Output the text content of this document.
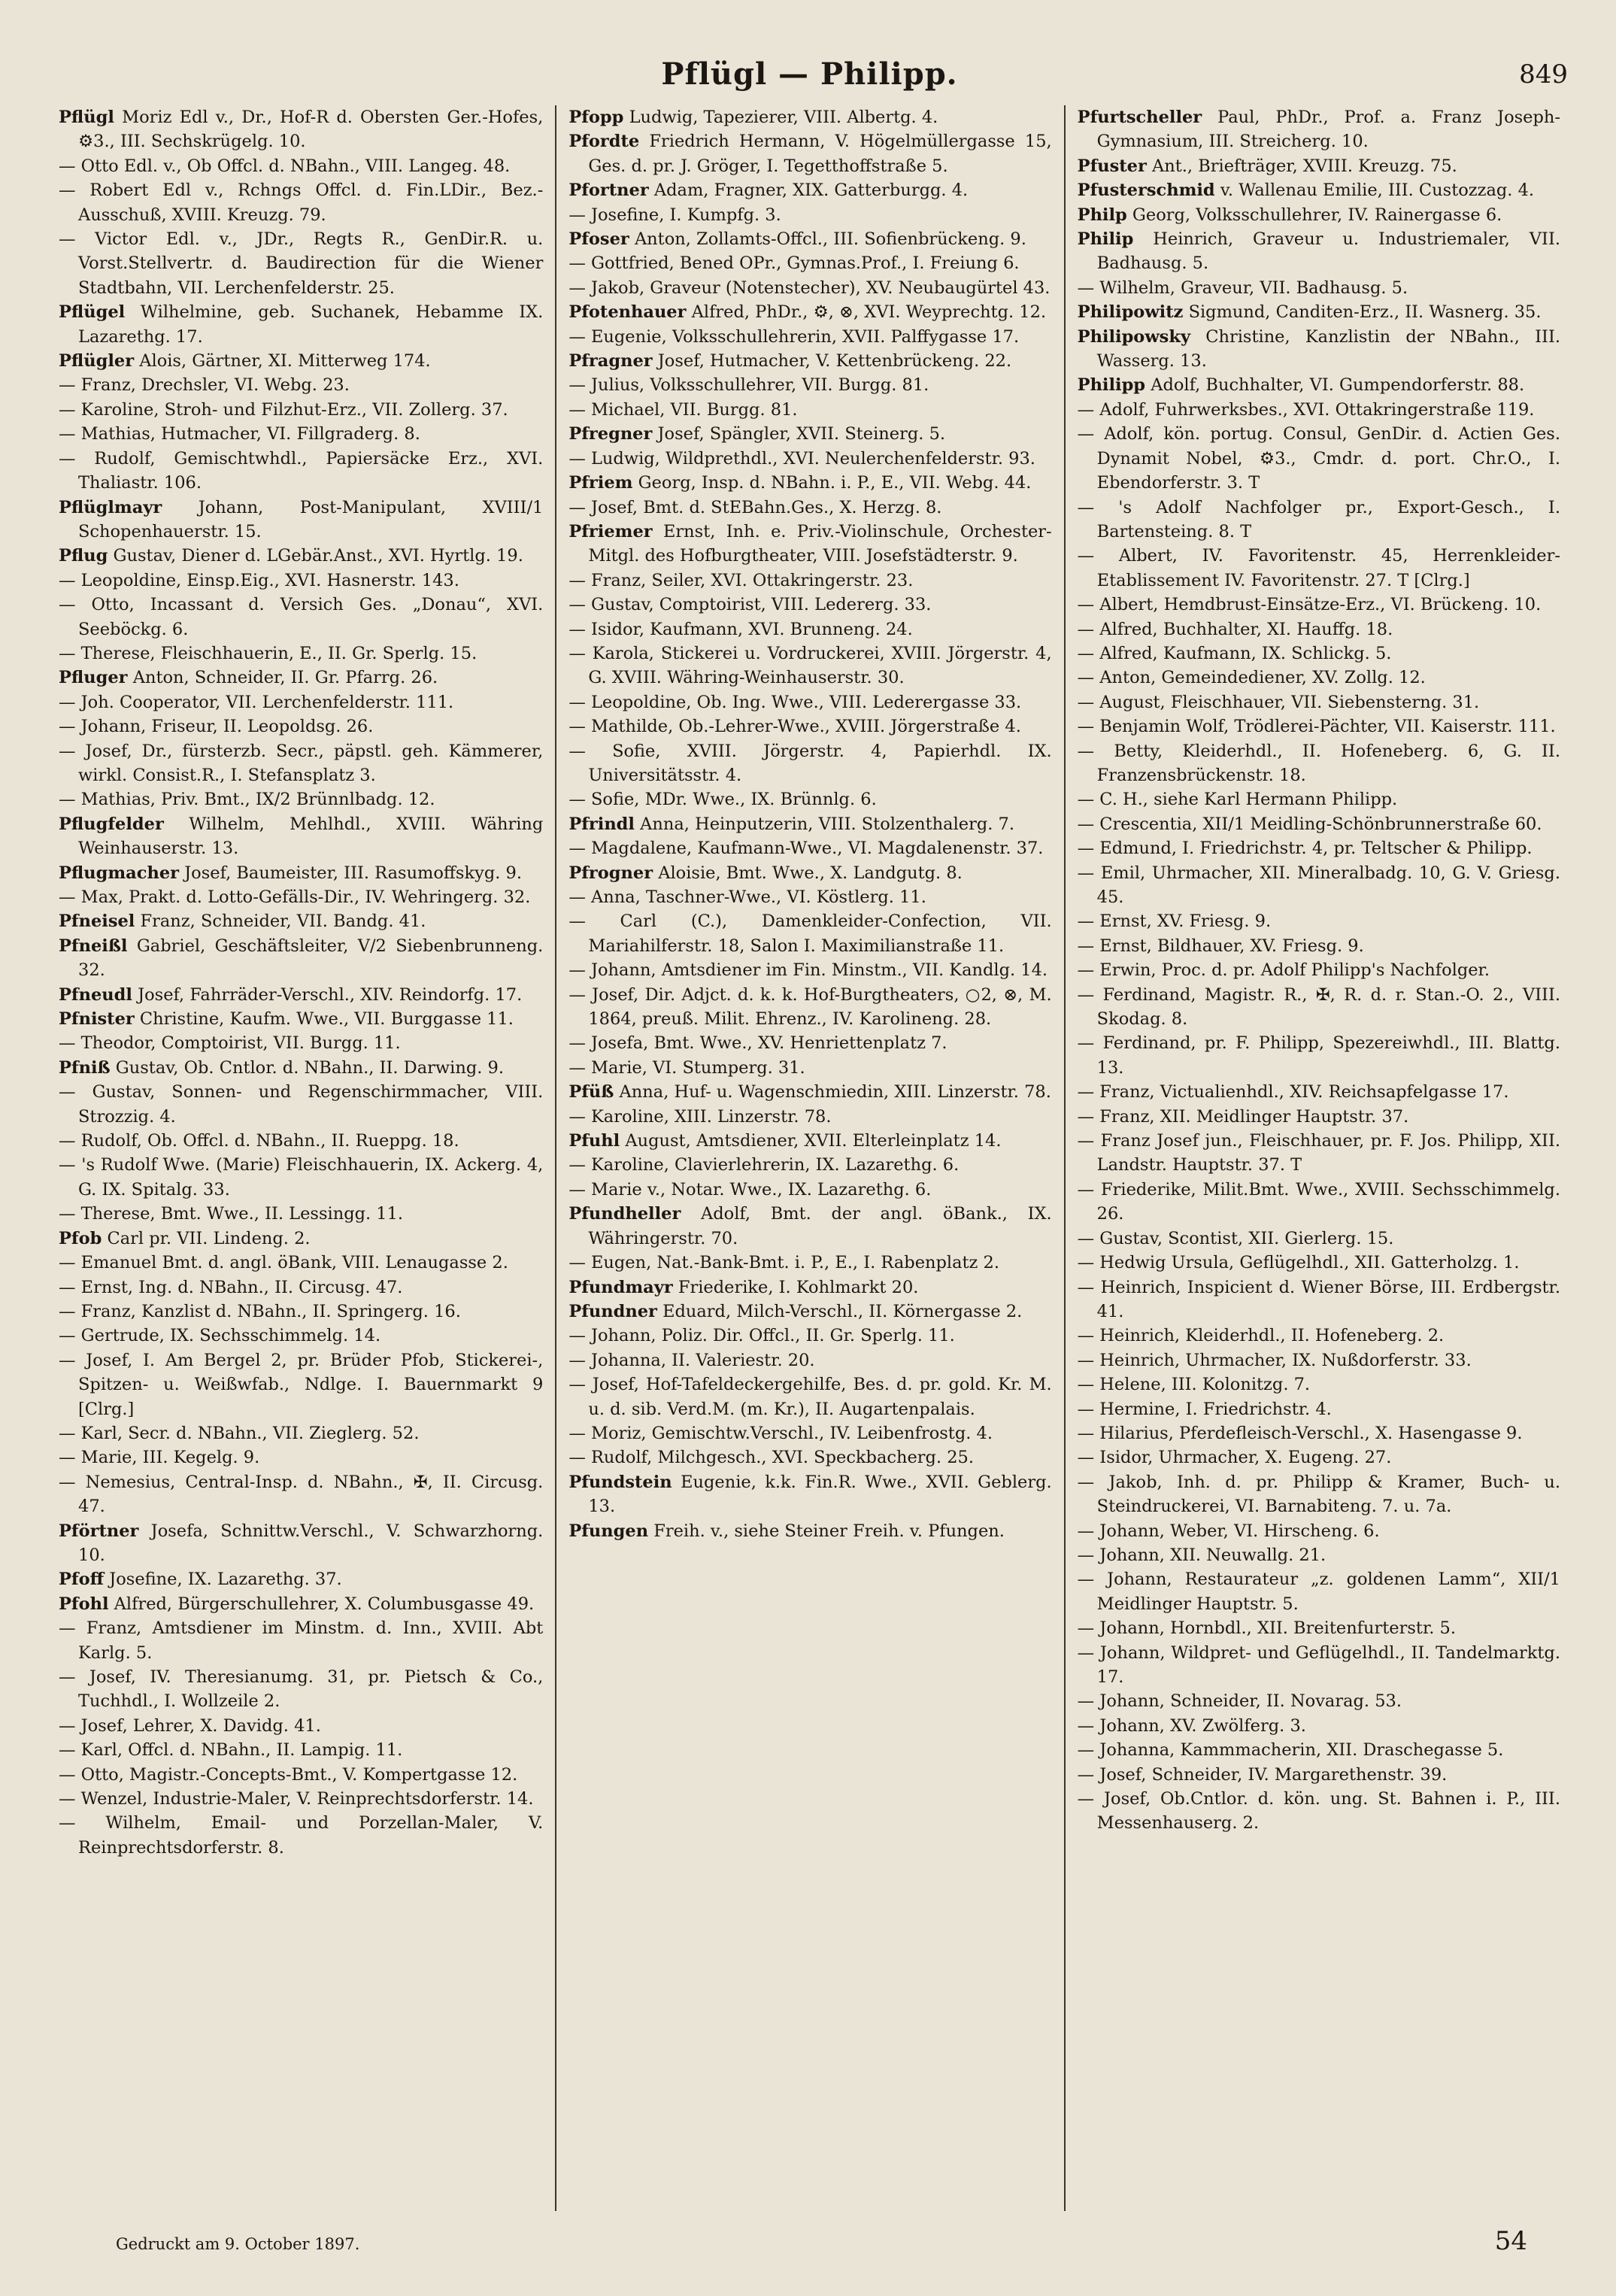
Pflügl — Philipp.	849

Pflügl Moriz Edl v., Dr., Hof-R d. Obersten Ger.-Hofes, ⚙3., III. Sechskrügelg. 10.

— Otto Edl. v., Ob Offcl. d. NBahn., VIII. Langeg. 48.

— Robert Edl v., Rchngs Offcl. d. Fin.LDir., Bez.-Ausschuß, XVIII. Kreuzg. 79.

— Victor Edl. v., JDr., Regts R., GenDir.R. u. Vorst.Stellvertr. d. Baudirection für die Wiener Stadtbahn, VII. Lerchenfelderstr. 25.

Pflügel Wilhelmine, geb. Suchanek, Hebamme IX. Lazarethg. 17.

Pflügler Alois, Gärtner, XI. Mitterweg 174.

— Franz, Drechsler, VI. Webg. 23.

— Karoline, Stroh- und Filzhut-Erz., VII. Zollerg. 37.

— Mathias, Hutmacher, VI. Fillgraderg. 8.

— Rudolf, Gemischtwhdl., Papiersäcke Erz., XVI. Thaliastr. 106.

Pflüglmayr Johann, Post-Manipulant, XVIII/1 Schopenhauerstr. 15.

Pflug Gustav, Diener d. LGebär.Anst., XVI. Hyrtlg. 19.

— Leopoldine, Einsp.Eig., XVI. Hasnerstr. 143.

— Otto, Incassant d. Versich Ges. „Donau“, XVI. Seeböckg. 6.

— Therese, Fleischhauerin, E., II. Gr. Sperlg. 15.

Pfluger Anton, Schneider, II. Gr. Pfarrg. 26.

— Joh. Cooperator, VII. Lerchenfelderstr. 111.

— Johann, Friseur, II. Leopoldsg. 26.

— Josef, Dr., fürsterzb. Secr., päpstl. geh. Kämmerer, wirkl. Consist.R., I. Stefansplatz 3.

— Mathias, Priv. Bmt., IX/2 Brünnlbadg. 12.

Pflugfelder Wilhelm, Mehlhdl., XVIII. Währing Weinhauserstr. 13.

Pflugmacher Josef, Baumeister, III. Rasumoffskyg. 9.

— Max, Prakt. d. Lotto-Gefälls-Dir., IV. Wehringerg. 32.

Pfneisel Franz, Schneider, VII. Bandg. 41.

Pfneißl Gabriel, Geschäftsleiter, V/2 Siebenbrunneng. 32.

Pfneudl Josef, Fahrräder-Verschl., XIV. Reindorfg. 17.

Pfnister Christine, Kaufm. Wwe., VII. Burggasse 11.

— Theodor, Comptoirist, VII. Burgg. 11.

Pfniß Gustav, Ob. Cntlor. d. NBahn., II. Darwing. 9.

— Gustav, Sonnen- und Regenschirmmacher, VIII. Strozzig. 4.

— Rudolf, Ob. Offcl. d. NBahn., II. Rueppg. 18.

— 's Rudolf Wwe. (Marie) Fleischhauerin, IX. Ackerg. 4, G. IX. Spitalg. 33.

— Therese, Bmt. Wwe., II. Lessingg. 11.

Pfob Carl pr. VII. Lindeng. 2.

— Emanuel Bmt. d. angl. öBank, VIII. Lenaugasse 2.

— Ernst, Ing. d. NBahn., II. Circusg. 47.

— Franz, Kanzlist d. NBahn., II. Springerg. 16.

— Gertrude, IX. Sechsschimmelg. 14.

— Josef, I. Am Bergel 2, pr. Brüder Pfob, Stickerei-, Spitzen- u. Weißwfab., Ndlge. I. Bauernmarkt 9 [Clrg.]

— Karl, Secr. d. NBahn., VII. Zieglerg. 52.

— Marie, III. Kegelg. 9.

— Nemesius, Central-Insp. d. NBahn., ✠, II. Circusg. 47.

Pförtner Josefa, Schnittw.Verschl., V. Schwarzhorng. 10.

Pfoff Josefine, IX. Lazarethg. 37.

Pfohl Alfred, Bürgerschullehrer, X. Columbusgasse 49.

— Franz, Amtsdiener im Minstm. d. Inn., XVIII. Abt Karlg. 5.

— Josef, IV. Theresianumg. 31, pr. Pietsch & Co., Tuchhdl., I. Wollzeile 2.

— Josef, Lehrer, X. Davidg. 41.

— Karl, Offcl. d. NBahn., II. Lampig. 11.

— Otto, Magistr.-Concepts-Bmt., V. Kompertgasse 12.

— Wenzel, Industrie-Maler, V. Reinprechtsdorferstr. 14.

— Wilhelm, Email- und Porzellan-Maler, V. Reinprechtsdorferstr. 8.

Pfopp Ludwig, Tapezierer, VIII. Albertg. 4.

Pfordte Friedrich Hermann, V. Högelmüllergasse 15, Ges. d. pr. J. Gröger, I. Tegetthoffstraße 5.

Pfortner Adam, Fragner, XIX. Gatterburgg. 4.

— Josefine, I. Kumpfg. 3.

Pfoser Anton, Zollamts-Offcl., III. Sofienbrückeng. 9.

— Gottfried, Bened OPr., Gymnas.Prof., I. Freiung 6.

— Jakob, Graveur (Notenstecher), XV. Neubaugürtel 43.

Pfotenhauer Alfred, PhDr., ⚙, ⊗, XVI. Weyprechtg. 12.

— Eugenie, Volksschullehrerin, XVII. Palffygasse 17.

Pfragner Josef, Hutmacher, V. Kettenbrückeng. 22.

— Julius, Volksschullehrer, VII. Burgg. 81.

— Michael, VII. Burgg. 81.

Pfregner Josef, Spängler, XVII. Steinerg. 5.

— Ludwig, Wildprethdl., XVI. Neulerchenfelderstr. 93.

Pfriem Georg, Insp. d. NBahn. i. P., E., VII. Webg. 44.

— Josef, Bmt. d. StEBahn.Ges., X. Herzg. 8.

Pfriemer Ernst, Inh. e. Priv.-Violinschule, Orchester-Mitgl. des Hofburgtheater, VIII. Josefstädterstr. 9.

— Franz, Seiler, XVI. Ottakringerstr. 23.

— Gustav, Comptoirist, VIII. Ledererg. 33.

— Isidor, Kaufmann, XVI. Brunneng. 24.

— Karola, Stickerei u. Vordruckerei, XVIII. Jörgerstr. 4, G. XVIII. Währing-Weinhauserstr. 30.

— Leopoldine, Ob. Ing. Wwe., VIII. Lederergasse 33.

— Mathilde, Ob.-Lehrer-Wwe., XVIII. Jörgerstraße 4.

— Sofie, XVIII. Jörgerstr. 4, Papierhdl. IX. Universitätsstr. 4.

— Sofie, MDr. Wwe., IX. Brünnlg. 6.

Pfrindl Anna, Heinputzerin, VIII. Stolzenthalerg. 7.

— Magdalene, Kaufmann-Wwe., VI. Magdalenenstr. 37.

Pfrogner Aloisie, Bmt. Wwe., X. Landgutg. 8.

— Anna, Taschner-Wwe., VI. Köstlerg. 11.

— Carl (C.), Damenkleider-Confection, VII. Mariahilferstr. 18, Salon I. Maximilianstraße 11.

— Johann, Amtsdiener im Fin. Minstm., VII. Kandlg. 14.

— Josef, Dir. Adjct. d. k. k. Hof-Burgtheaters, ○2, ⊗, M. 1864, preuß. Milit. Ehrenz., IV. Karolineng. 28.

— Josefa, Bmt. Wwe., XV. Henriettenplatz 7.

— Marie, VI. Stumperg. 31.

Pfüß Anna, Huf- u. Wagenschmiedin, XIII. Linzerstr. 78.

— Karoline, XIII. Linzerstr. 78.

Pfuhl August, Amtsdiener, XVII. Elterleinplatz 14.

— Karoline, Clavierlehrerin, IX. Lazarethg. 6.

— Marie v., Notar. Wwe., IX. Lazarethg. 6.

Pfundheller Adolf, Bmt. der angl. öBank., IX. Währingerstr. 70.

— Eugen, Nat.-Bank-Bmt. i. P., E., I. Rabenplatz 2.

Pfundmayr Friederike, I. Kohlmarkt 20.

Pfundner Eduard, Milch-Verschl., II. Körnergasse 2.

— Johann, Poliz. Dir. Offcl., II. Gr. Sperlg. 11.

— Johanna, II. Valeriestr. 20.

— Josef, Hof-Tafeldeckergehilfe, Bes. d. pr. gold. Kr. M. u. d. sib. Verd.M. (m. Kr.), II. Augartenpalais.

— Moriz, Gemischtw.Verschl., IV. Leibenfrostg. 4.

— Rudolf, Milchgesch., XVI. Speckbacherg. 25.

Pfundstein Eugenie, k.k. Fin.R. Wwe., XVII. Geblerg. 13.

Pfungen Freih. v., siehe Steiner Freih. v. Pfungen.

Pfurtscheller Paul, PhDr., Prof. a. Franz Joseph-Gymnasium, III. Streicherg. 10.

Pfuster Ant., Briefträger, XVIII. Kreuzg. 75.

Pfusterschmid v. Wallenau Emilie, III. Custozzag. 4.

Philp Georg, Volksschullehrer, IV. Rainergasse 6.

Philip Heinrich, Graveur u. Industriemaler, VII. Badhausg. 5.

— Wilhelm, Graveur, VII. Badhausg. 5.

Philipowitz Sigmund, Canditen-Erz., II. Wasnerg. 35.

Philipowsky Christine, Kanzlistin der NBahn., III. Wasserg. 13.

Philipp Adolf, Buchhalter, VI. Gumpendorferstr. 88.

— Adolf, Fuhrwerksbes., XVI. Ottakringerstraße 119.

— Adolf, kön. portug. Consul, GenDir. d. Actien Ges. Dynamit Nobel, ⚙3., Cmdr. d. port. Chr.O., I. Ebendorferstr. 3. T

— 's Adolf Nachfolger pr., Export-Gesch., I. Bartensteing. 8. T

— Albert, IV. Favoritenstr. 45, Herrenkleider-Etablissement IV. Favoritenstr. 27. T [Clrg.]

— Albert, Hemdbrust-Einsätze-Erz., VI. Brückeng. 10.

— Alfred, Buchhalter, XI. Hauffg. 18.

— Alfred, Kaufmann, IX. Schlickg. 5.

— Anton, Gemeindediener, XV. Zollg. 12.

— August, Fleischhauer, VII. Siebensterng. 31.

— Benjamin Wolf, Trödlerei-Pächter, VII. Kaiserstr. 111.

— Betty, Kleiderhdl., II. Hofeneberg. 6, G. II. Franzensbrückenstr. 18.

— C. H., siehe Karl Hermann Philipp.

— Crescentia, XII/1 Meidling-Schönbrunnerstraße 60.

— Edmund, I. Friedrichstr. 4, pr. Teltscher & Philipp.

— Emil, Uhrmacher, XII. Mineralbadg. 10, G. V. Griesg. 45.

— Ernst, XV. Friesg. 9.

— Ernst, Bildhauer, XV. Friesg. 9.

— Erwin, Proc. d. pr. Adolf Philipp's Nachfolger.

— Ferdinand, Magistr. R., ✠, R. d. r. Stan.-O. 2., VIII. Skodag. 8.

— Ferdinand, pr. F. Philipp, Spezereiwhdl., III. Blattg. 13.

— Franz, Victualienhdl., XIV. Reichsapfelgasse 17.

— Franz, XII. Meidlinger Hauptstr. 37.

— Franz Josef jun., Fleischhauer, pr. F. Jos. Philipp, XII. Landstr. Hauptstr. 37. T

— Friederike, Milit.Bmt. Wwe., XVIII. Sechsschimmelg. 26.

— Gustav, Scontist, XII. Gierlerg. 15.

— Hedwig Ursula, Geflügelhdl., XII. Gatterholzg. 1.

— Heinrich, Inspicient d. Wiener Börse, III. Erdbergstr. 41.

— Heinrich, Kleiderhdl., II. Hofeneberg. 2.

— Heinrich, Uhrmacher, IX. Nußdorferstr. 33.

— Helene, III. Kolonitzg. 7.

— Hermine, I. Friedrichstr. 4.

— Hilarius, Pferdefleisch-Verschl., X. Hasengasse 9.

— Isidor, Uhrmacher, X. Eugeng. 27.

— Jakob, Inh. d. pr. Philipp & Kramer, Buch- u. Steindruckerei, VI. Barnabiteng. 7. u. 7a.

— Johann, Weber, VI. Hirscheng. 6.

— Johann, XII. Neuwallg. 21.

— Johann, Restaurateur „z. goldenen Lamm“, XII/1 Meidlinger Hauptstr. 5.

— Johann, Hornbdl., XII. Breitenfurterstr. 5.

— Johann, Wildpret- und Geflügelhdl., II. Tandelmarktg. 17.

— Johann, Schneider, II. Novarag. 53.

— Johann, XV. Zwölferg. 3.

— Johanna, Kammmacherin, XII. Draschegasse 5.

— Josef, Schneider, IV. Margarethenstr. 39.

— Josef, Ob.Cntlor. d. kön. ung. St. Bahnen i. P., III. Messenhauserg. 2.

Gedruckt am 9. October 1897.	54
